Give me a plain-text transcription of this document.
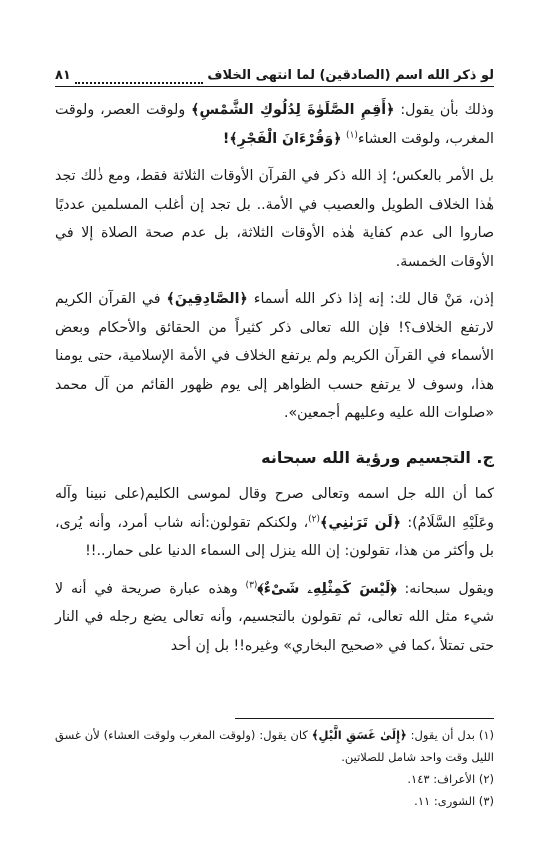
لو ذكر الله اسم (الصادقين) لما انتهى الخلاف
٨١

وذلك بأن يقول: ﴿أَقِمِ الصَّلَوٰةَ لِدُلُوكِ الشَّمْسِ﴾ ولوقت العصر، ولوقت المغرب، ولوقت العشاء$^{(١)}$ ﴿وَقُرْءَانَ الْفَجْرِ﴾!

بل الأمر بالعكس؛ إذ الله ذكر في القرآن الأوقات الثلاثة فقط، ومع ذٰلك تجد هٰذا الخلاف الطويل والعصيب في الأمة.. بل تجد إن أغلب المسلمين عدديًا صاروا الى عدم كفاية هٰذه الأوقات الثلاثة، بل عدم صحة الصلاة إلا في الأوقات الخمسة.

إذن، مَنْ قال لك: إنه إذا ذكر الله أسماء ﴿الصَّادِقِينَ﴾ في القرآن الكريم لارتفع الخلاف؟! فإن الله تعالى ذكر كثيراً من الحقائق والأحكام وبعض الأسماء في القرآن الكريم ولم يرتفع الخلاف في الأمة الإسلامية، حتى يومنا هذا، وسوف لا يرتفع حسب الظواهر إلى يوم ظهور القائم من آل محمد «صلوات الله عليه وعليهم أجمعين».

ج. التجسيم ورؤية الله سبحانه

كما أن الله جل اسمه وتعالى صرح وقال لموسى الكليم(على نبينا وآله وعَلَيْهِ السَّلَامُ): ﴿لَن تَرَىٰنِي﴾$^{(٢)}$، ولكنكم تقولون:أنه شاب أمرد، وأنه يُرى، بل وأكثر من هذا، تقولون: إن الله ينزل إلى السماء الدنيا على حمار..!!

ويقول سبحانه: ﴿لَيْسَ كَمِثْلِهِۦ شَىْءٌ﴾$^{(٣)}$ وهذه عبارة صريحة في أنه لا شيء مثل الله تعالى، ثم تقولون بالتجسيم، وأنه تعالى يضع رجله في النار حتى تمتلأ ،كما في «صحيح البخاري» وغيره!! بل إن أحد

(١) بدل أن يقول: ﴿إِلَىٰ غَسَقِ الَّيْلِ﴾ كان يقول: (ولوقت المغرب ولوقت العشاء) لأن غسق الليل وقت واحد شامل للصلاتين.

(٢) الأعراف: ١٤٣.

(٣) الشورى: ١١.
